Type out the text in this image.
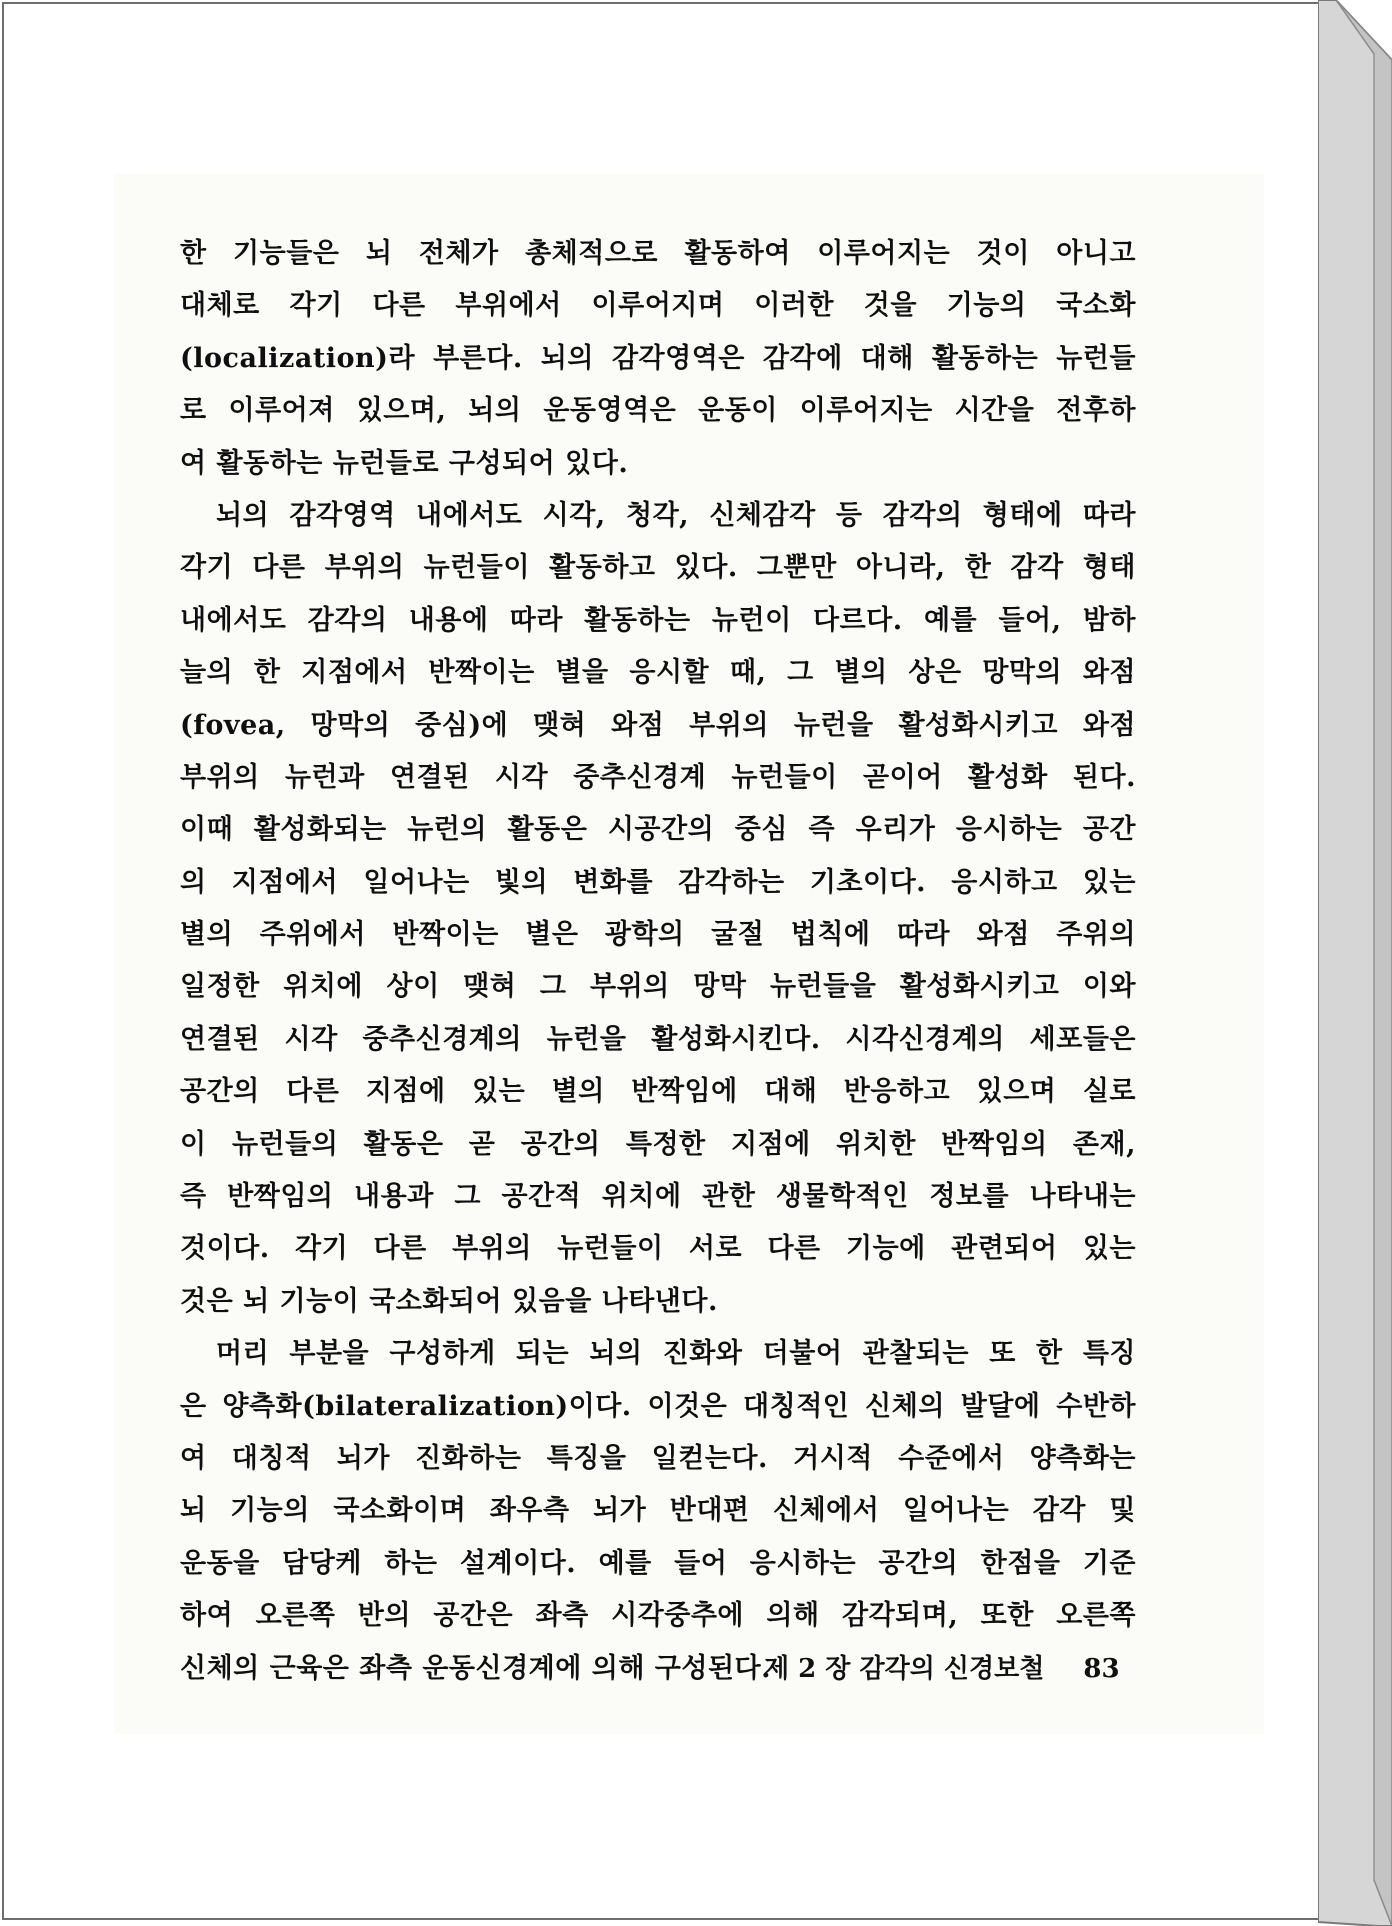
한 기능들은 뇌 전체가 총체적으로 활동하여 이루어지는 것이 아니고
대체로 각기 다른 부위에서 이루어지며 이러한 것을 기능의 국소화
(localization)라 부른다. 뇌의 감각영역은 감각에 대해 활동하는 뉴런들
로 이루어져 있으며, 뇌의 운동영역은 운동이 이루어지는 시간을 전후하
여 활동하는 뉴런들로 구성되어 있다.
뇌의 감각영역 내에서도 시각, 청각, 신체감각 등 감각의 형태에 따라
각기 다른 부위의 뉴런들이 활동하고 있다. 그뿐만 아니라, 한 감각 형태
내에서도 감각의 내용에 따라 활동하는 뉴런이 다르다. 예를 들어, 밤하
늘의 한 지점에서 반짝이는 별을 응시할 때, 그 별의 상은 망막의 와점
(fovea, 망막의 중심)에 맺혀 와점 부위의 뉴런을 활성화시키고 와점
부위의 뉴런과 연결된 시각 중추신경계 뉴런들이 곧이어 활성화 된다.
이때 활성화되는 뉴런의 활동은 시공간의 중심 즉 우리가 응시하는 공간
의 지점에서 일어나는 빛의 변화를 감각하는 기초이다. 응시하고 있는
별의 주위에서 반짝이는 별은 광학의 굴절 법칙에 따라 와점 주위의
일정한 위치에 상이 맺혀 그 부위의 망막 뉴런들을 활성화시키고 이와
연결된 시각 중추신경계의 뉴런을 활성화시킨다. 시각신경계의 세포들은
공간의 다른 지점에 있는 별의 반짝임에 대해 반응하고 있으며 실로
이 뉴런들의 활동은 곧 공간의 특정한 지점에 위치한 반짝임의 존재,
즉 반짝임의 내용과 그 공간적 위치에 관한 생물학적인 정보를 나타내는
것이다. 각기 다른 부위의 뉴런들이 서로 다른 기능에 관련되어 있는
것은 뇌 기능이 국소화되어 있음을 나타낸다.
머리 부분을 구성하게 되는 뇌의 진화와 더불어 관찰되는 또 한 특징
은 양측화(bilateralization)이다. 이것은 대칭적인 신체의 발달에 수반하
여 대칭적 뇌가 진화하는 특징을 일컫는다. 거시적 수준에서 양측화는
뇌 기능의 국소화이며 좌우측 뇌가 반대편 신체에서 일어나는 감각 및
운동을 담당케 하는 설계이다. 예를 들어 응시하는 공간의 한점을 기준
하여 오른쪽 반의 공간은 좌측 시각중추에 의해 감각되며, 또한 오른쪽
신체의 근육은 좌측 운동신경계에 의해 구성된다.
제 2 장 감각의 신경보철 83
